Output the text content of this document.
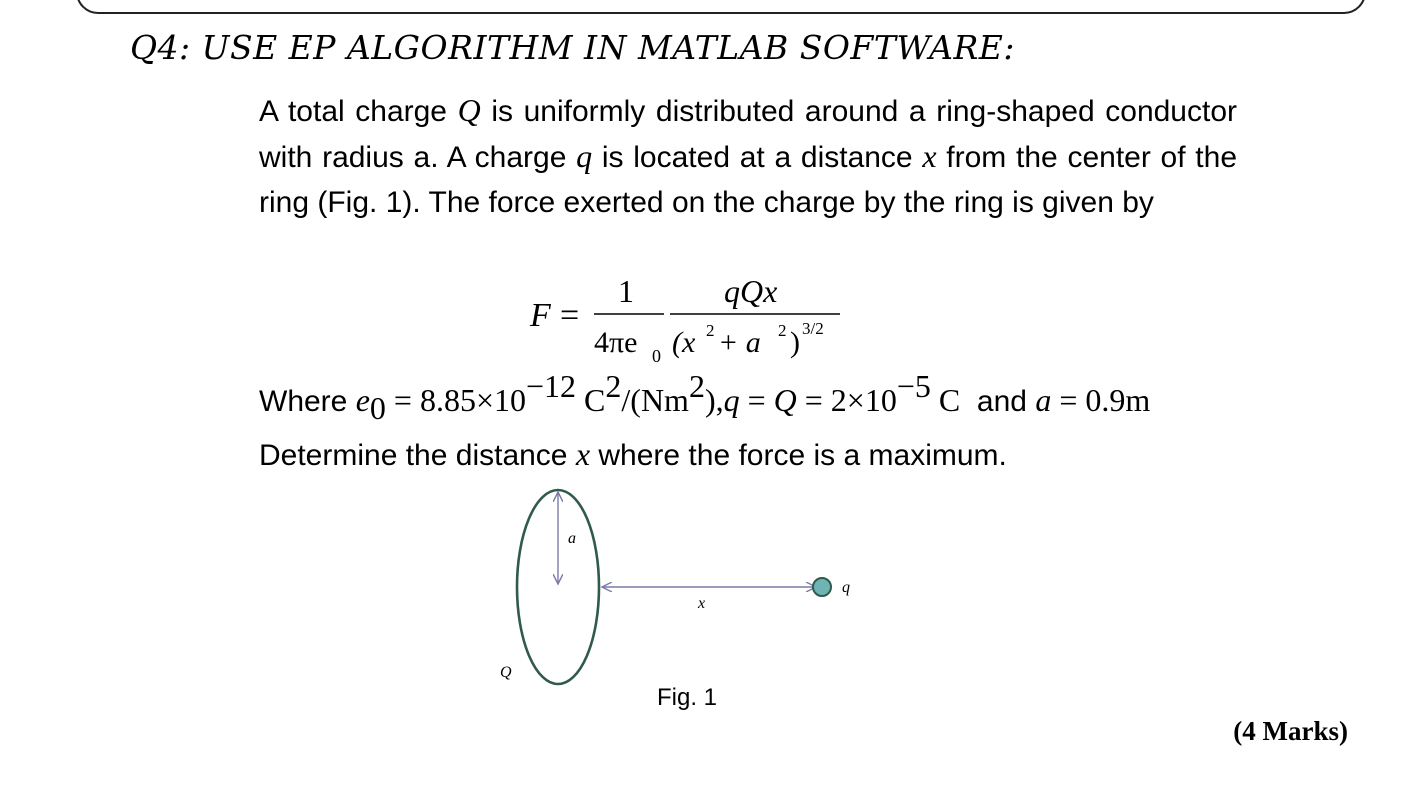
Q4: USE EP ALGORITHM IN MATLAB SOFTWARE:

A total charge Q is uniformly distributed around a ring-shaped conductor with radius a. A charge q is located at a distance x from the center of the ring (Fig. 1). The force exerted on the charge by the ring is given by

F =
1
4πe 0
qQx
(x 2 + a 2 ) 3/2
Where $e_0 = 8.85\times 10^{-12}$ $C^2/(Nm^2),q = Q = 2\times 10^{-5}$ C and a = 0.9m
Determine the distance x where the force is a maximum.
a
x
q
Q
Fig. 1
(4 Marks)
